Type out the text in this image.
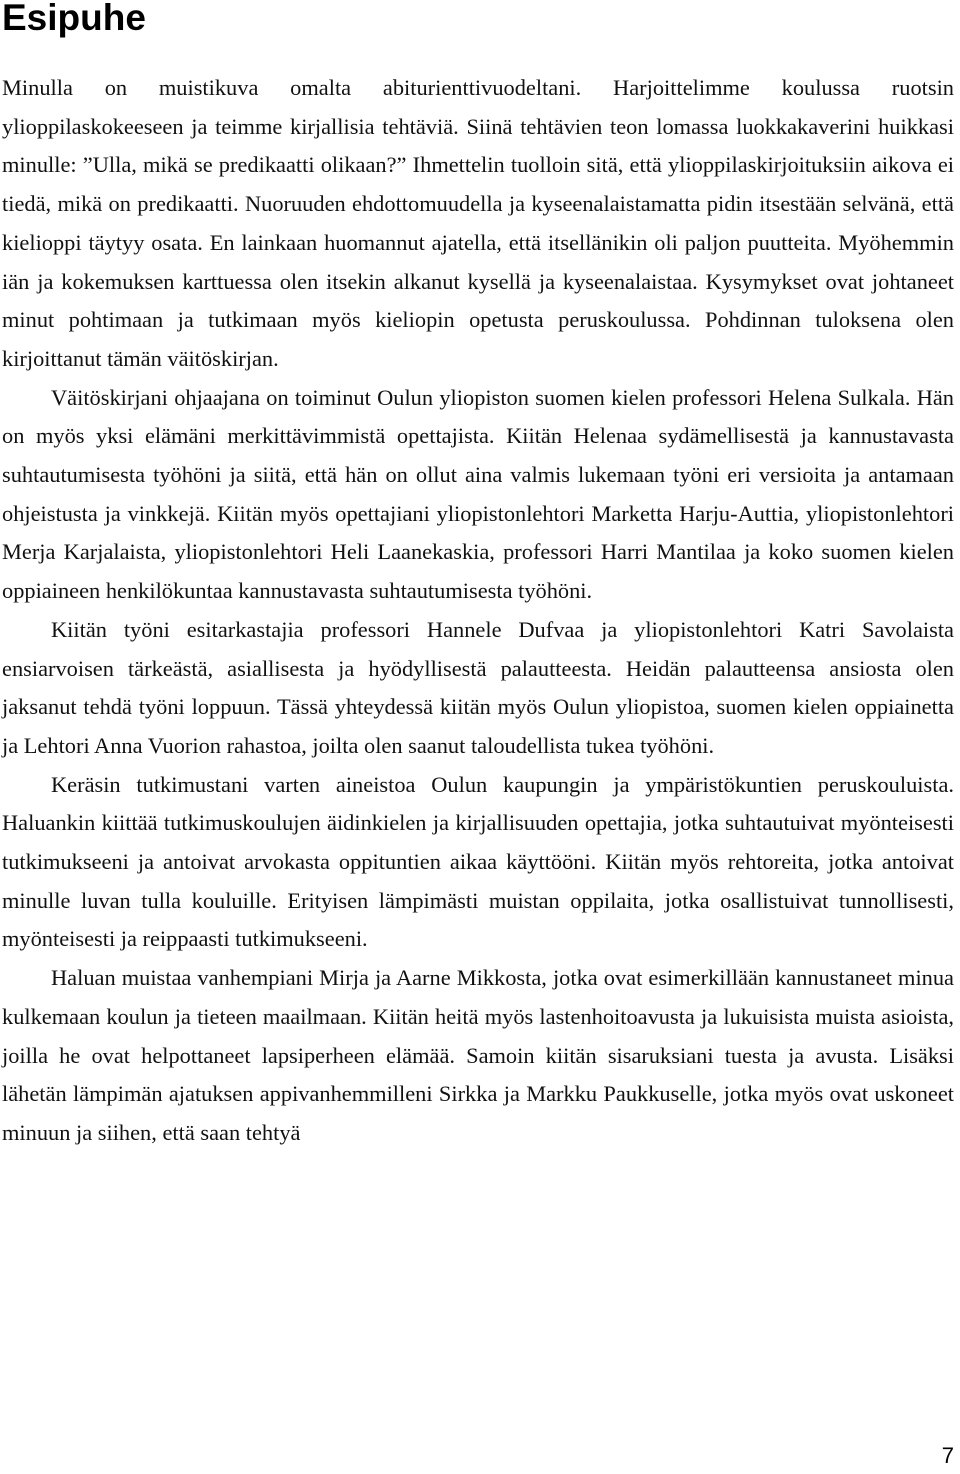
Esipuhe

Minulla on muistikuva omalta abiturienttivuodeltani. Harjoittelimme koulussa ruotsin ylioppilaskokeeseen ja teimme kirjallisia tehtäviä. Siinä tehtävien teon lomassa luokkakaverini huikkasi minulle: ”Ulla, mikä se predikaatti olikaan?” Ihmettelin tuolloin sitä, että ylioppilaskirjoituksiin aikova ei tiedä, mikä on predikaatti. Nuoruuden ehdottomuudella ja kyseenalaistamatta pidin itsestään selvänä, että kielioppi täytyy osata. En lainkaan huomannut ajatella, että itsellänikin oli paljon puutteita. Myöhemmin iän ja kokemuksen karttuessa olen itsekin alkanut kysellä ja kyseenalaistaa. Kysymykset ovat johtaneet minut pohtimaan ja tutkimaan myös kieliopin opetusta peruskoulussa. Pohdinnan tuloksena olen kirjoittanut tämän väitöskirjan.

Väitöskirjani ohjaajana on toiminut Oulun yliopiston suomen kielen professori Helena Sulkala. Hän on myös yksi elämäni merkittävimmistä opettajista. Kiitän Helenaa sydämellisestä ja kannustavasta suhtautumisesta työhöni ja siitä, että hän on ollut aina valmis lukemaan työni eri versioita ja antamaan ohjeistusta ja vinkkejä. Kiitän myös opettajiani yliopistonlehtori Marketta Harju-Auttia, yliopistonlehtori Merja Karjalaista, yliopistonlehtori Heli Laanekaskia, professori Harri Mantilaa ja koko suomen kielen oppiaineen henkilökuntaa kannustavasta suhtautumisesta työhöni.

Kiitän työni esitarkastajia professori Hannele Dufvaa ja yliopistonlehtori Katri Savolaista ensiarvoisen tärkeästä, asiallisesta ja hyödyllisestä palautteesta. Heidän palautteensa ansiosta olen jaksanut tehdä työni loppuun. Tässä yhteydessä kiitän myös Oulun yliopistoa, suomen kielen oppiainetta ja Lehtori Anna Vuorion rahastoa, joilta olen saanut taloudellista tukea työhöni.

Keräsin tutkimustani varten aineistoa Oulun kaupungin ja ympäristökuntien peruskouluista. Haluankin kiittää tutkimuskoulujen äidinkielen ja kirjallisuuden opettajia, jotka suhtautuivat myönteisesti tutkimukseeni ja antoivat arvokasta oppituntien aikaa käyttööni. Kiitän myös rehtoreita, jotka antoivat minulle luvan tulla kouluille. Erityisen lämpimästi muistan oppilaita, jotka osallistuivat tunnollisesti, myönteisesti ja reippaasti tutkimukseeni.

Haluan muistaa vanhempiani Mirja ja Aarne Mikkosta, jotka ovat esimerkillään kannustaneet minua kulkemaan koulun ja tieteen maailmaan. Kiitän heitä myös lastenhoitoavusta ja lukuisista muista asioista, joilla he ovat helpottaneet lapsiperheen elämää. Samoin kiitän sisaruksiani tuesta ja avusta. Lisäksi lähetän lämpimän ajatuksen appivanhemmilleni Sirkka ja Markku Paukkuselle, jotka myös ovat uskoneet minuun ja siihen, että saan tehtyä

7
